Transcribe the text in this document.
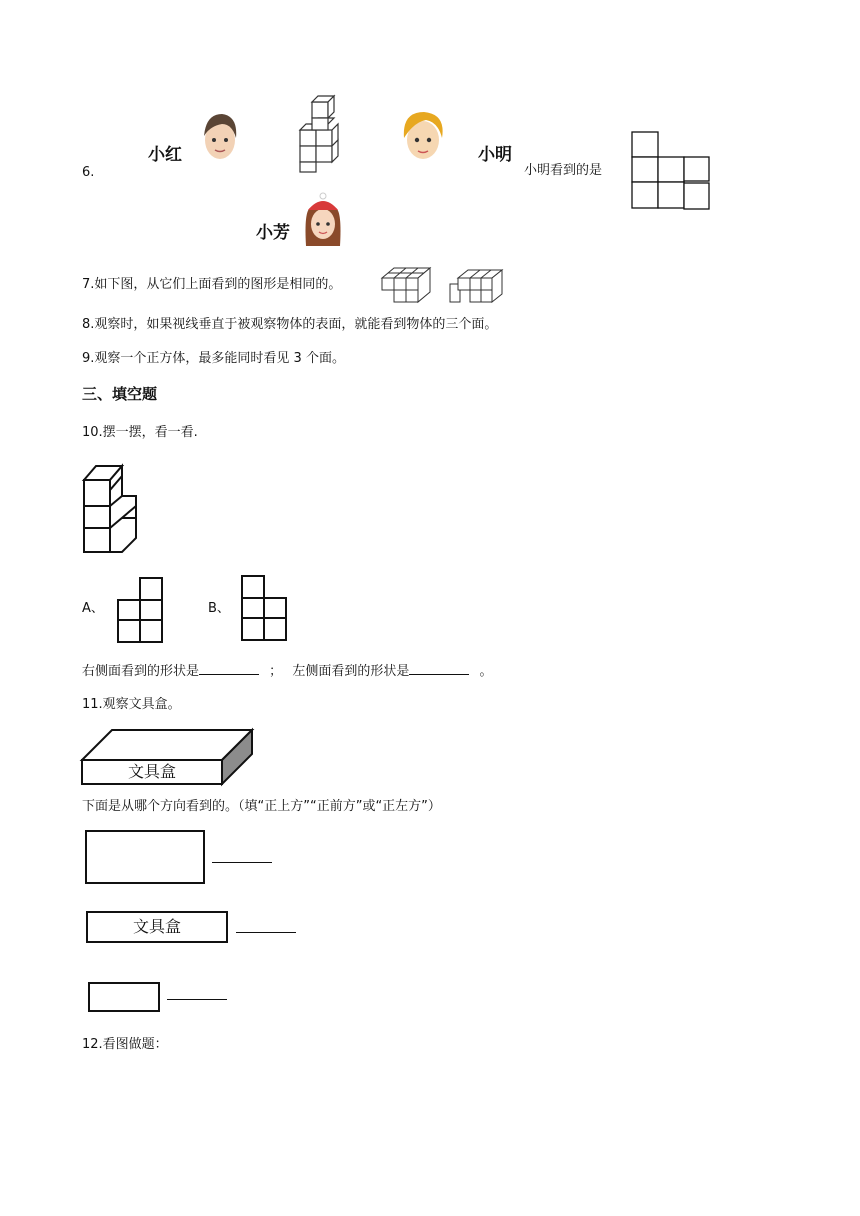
6.
小红	小明
小明看到的是
小芳
7.如下图，从它们上面看到的图形是相同的。
8.观察时，如果视线垂直于被观察物体的表面，就能看到物体的三个面。
9.观察一个正方体，最多能同时看见 3 个面。
三、填空题
10.摆一摆，看一看.
A、	B、
右侧面看到的形状是	； 左侧面看到的形状是	。
11.观察文具盒。
文具盒
下面是从哪个方向看到的。（填“正上方”“正前方”或“正左方”）
文具盒
12.看图做题：
